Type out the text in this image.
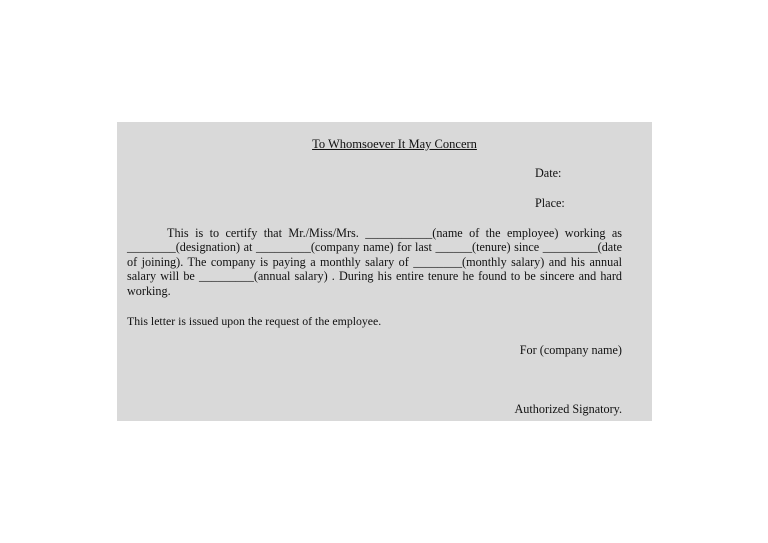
To Whomsoever It May Concern
Date:
Place:

This is to certify that Mr./Miss/Mrs. ___________(name of the employee) working as ________(designation) at _________(company name) for last ______(tenure) since _________(date of joining). The company is paying a monthly salary of ________(monthly salary) and his annual salary will be _________(annual salary) . During his entire tenure he found to be sincere and hard working.

This letter is issued upon the request of the employee.
For (company name)
Authorized Signatory.
